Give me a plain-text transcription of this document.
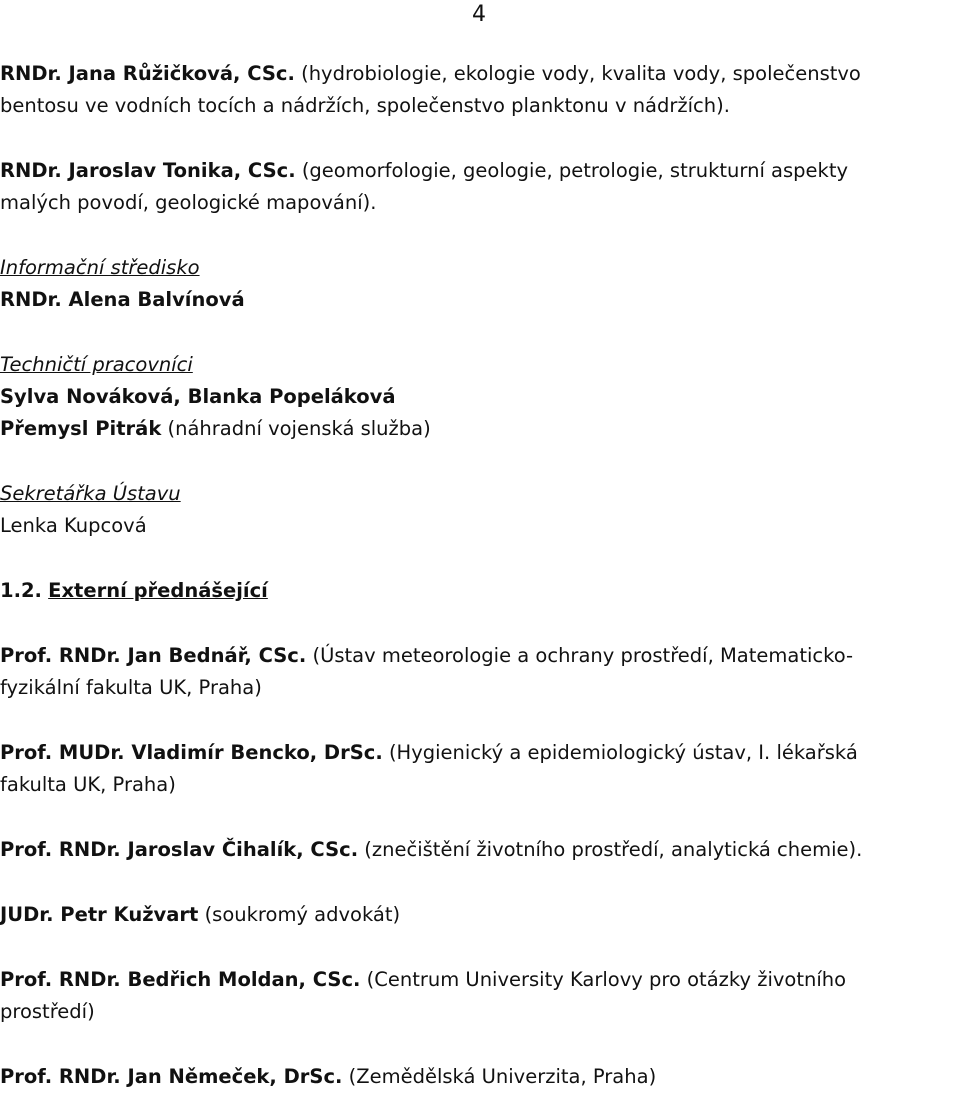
4

RNDr. Jana Růžičková, CSc. (hydrobiologie, ekologie vody, kvalita vody, společenstvo

bentosu ve vodních tocích a nádržích, společenstvo planktonu v nádržích).

RNDr. Jaroslav Tonika, CSc. (geomorfologie, geologie, petrologie, strukturní aspekty

malých povodí, geologické mapování).

Informační středisko

RNDr. Alena Balvínová

Techničtí pracovníci

Sylva Nováková, Blanka Popeláková

Přemysl Pitrák (náhradní vojenská služba)

Sekretářka Ústavu

Lenka Kupcová

1.2. Externí přednášející

Prof. RNDr. Jan Bednář, CSc. (Ústav meteorologie a ochrany prostředí, Matematicko-

fyzikální fakulta UK, Praha)

Prof. MUDr. Vladimír Bencko, DrSc. (Hygienický a epidemiologický ústav, I. lékařská

fakulta UK, Praha)

Prof. RNDr. Jaroslav Čihalík, CSc. (znečištění životního prostředí, analytická chemie).

JUDr. Petr Kužvart (soukromý advokát)

Prof. RNDr. Bedřich Moldan, CSc. (Centrum University Karlovy pro otázky životního

prostředí)

Prof. RNDr. Jan Němeček, DrSc. (Zemědělská Univerzita, Praha)
